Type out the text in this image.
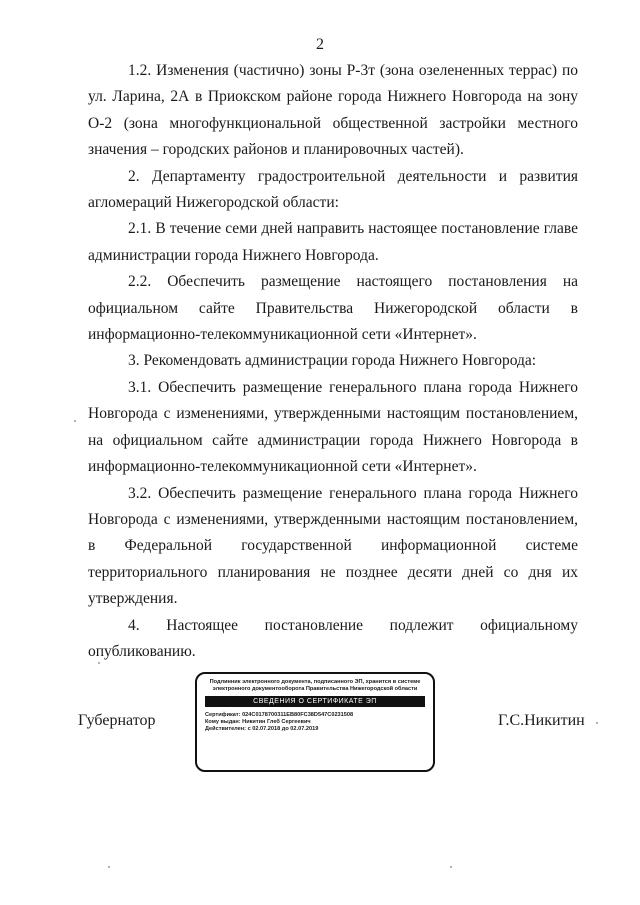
2

1.2. Изменения (частично) зоны Р-3т (зона озелененных террас) по ул. Ларина, 2А в Приокском районе города Нижнего Новгорода на зону О-2 (зона многофункциональной общественной застройки местного значения – городских районов и планировочных частей).

2. Департаменту градостроительной деятельности и развития агломераций Нижегородской области:

2.1. В течение семи дней направить настоящее постановление главе администрации города Нижнего Новгорода.

2.2. Обеспечить размещение настоящего постановления на официальном сайте Правительства Нижегородской области в информационно-телекоммуникационной сети «Интернет».

3. Рекомендовать администрации города Нижнего Новгорода:

3.1. Обеспечить размещение генерального плана города Нижнего Новгорода с изменениями, утвержденными настоящим постановлением, на официальном сайте администрации города Нижнего Новгорода в информационно-телекоммуникационной сети «Интернет».

3.2. Обеспечить размещение генерального плана города Нижнего Новгорода с изменениями, утвержденными настоящим постановлением, в Федеральной государственной информационной системе территориального планирования не позднее десяти дней со дня их утверждения.

4. Настоящее постановление подлежит официальному опубликованию.

Губернатор
Подлинник электронного документа, подписанного ЭП, хранится в системе электронного документооборота Правительства Нижегородской области
СВЕДЕНИЯ О СЕРТИФИКАТЕ ЭП
Сертификат: 024C0178700311EB80FC38D547C0231508
Кому выдан: Никитин Глеб Сергеевич
Действителен: с 02.07.2018 до 02.07.2019
Г.С.Никитин
